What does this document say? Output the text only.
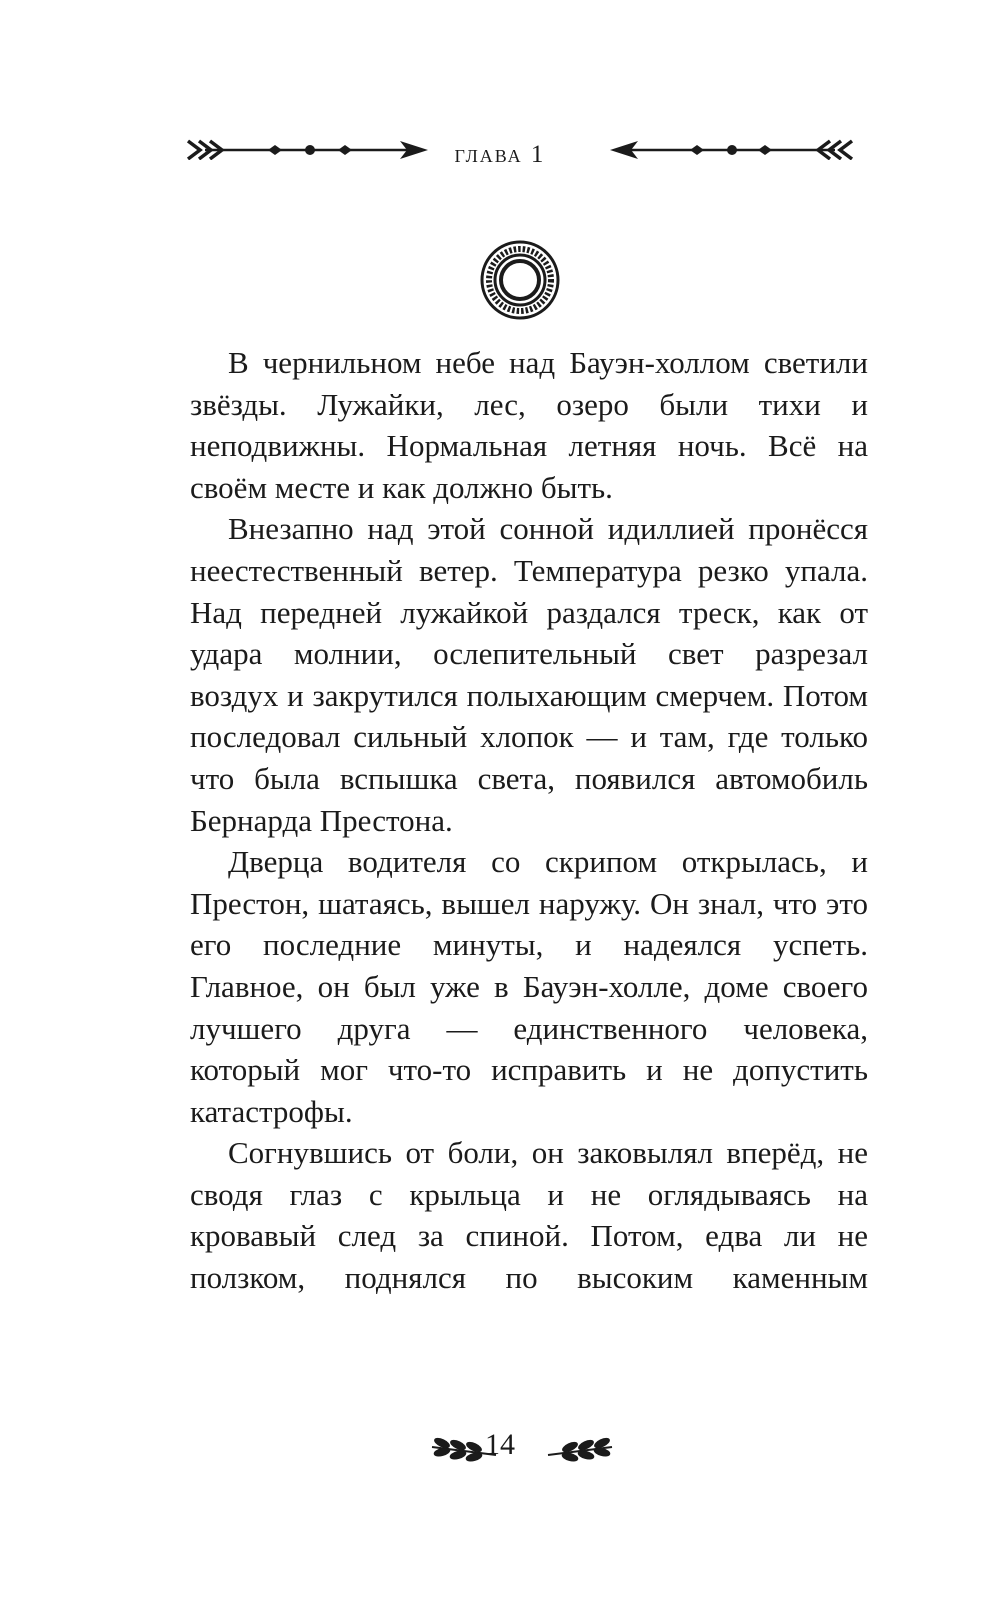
глава 1

В чернильном небе над Бауэн-холлом светили звёзды. Лужайки, лес, озеро были тихи и неподвижны. Нормальная летняя ночь. Всё на своём месте и как должно быть.

Внезапно над этой сонной идиллией пронёсся неестественный ветер. Температура резко упала. Над передней лужайкой раздался треск, как от удара молнии, ослепительный свет разрезал воздух и закрутился полыхающим смерчем. Потом последовал сильный хлопок — и там, где только что была вспышка света, появился автомобиль Бернарда Престона.

Дверца водителя со скрипом открылась, и Престон, шатаясь, вышел наружу. Он знал, что это его последние минуты, и надеялся успеть. Главное, он был уже в Бауэн-холле, доме своего лучшего друга — единственного человека, который мог что-то исправить и не допустить катастрофы.

Согнувшись от боли, он заковылял вперёд, не сводя глаз с крыльца и не оглядываясь на кровавый след за спиной. Потом, едва ли не ползком, поднялся по высоким каменным

14
